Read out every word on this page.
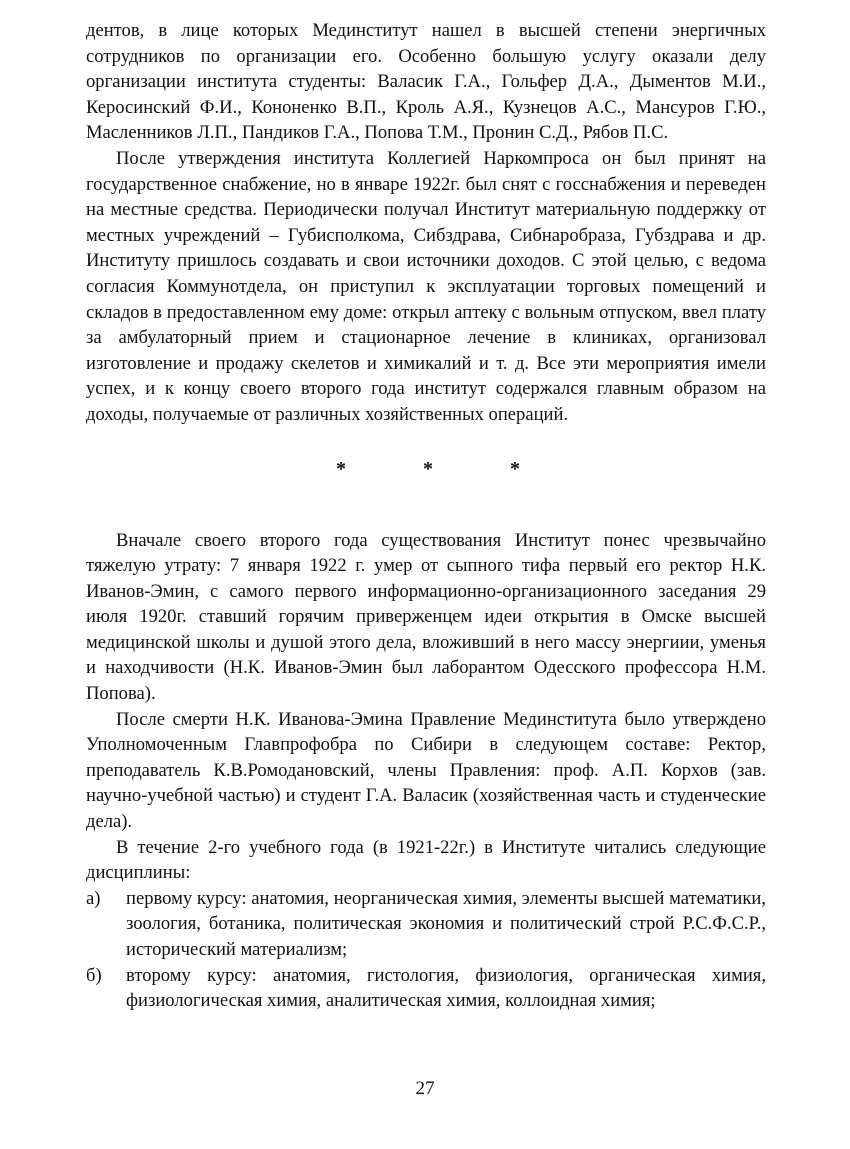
дентов, в лице которых Мединститут нашел в высшей степени энергичных сотрудников по организации его. Особенно большую услугу оказали делу организации института студенты: Валасик Г.А., Гольфер Д.А., Дыментов М.И., Керосинский Ф.И., Кононенко В.П., Кроль А.Я., Кузнецов А.С., Мансуров Г.Ю., Масленников Л.П., Пандиков Г.А., Попова Т.М., Пронин С.Д., Рябов П.С.

После утверждения института Коллегией Наркомпроса он был принят на государственное снабжение, но в январе 1922г. был снят с госснабжения и переведен на местные средства. Периодически получал Институт материальную поддержку от местных учреждений – Губисполкома, Сибздрава, Сибнаробраза, Губздрава и др. Институту пришлось создавать и свои источники доходов. С этой целью, с ведома согласия Коммунотдела, он приступил к эксплуатации торговых помещений и складов в предоставленном ему доме: открыл аптеку с вольным отпуском, ввел плату за амбулаторный прием и стационарное лечение в клиниках, организовал изготовление и продажу скелетов и химикалий и т. д. Все эти мероприятия имели успех, и к концу своего второго года институт содержался главным образом на доходы, получаемые от различных хозяйственных операций.

* * *

Вначале своего второго года существования Институт понес чрезвычайно тяжелую утрату: 7 января 1922 г. умер от сыпного тифа первый его ректор Н.К. Иванов-Эмин, с самого первого информационно-организационного заседания 29 июля 1920г. ставший горячим приверженцем идеи открытия в Омске высшей медицинской школы и душой этого дела, вложивший в него массу энергиии, уменья и находчивости (Н.К. Иванов-Эмин был лаборантом Одесского профессора Н.М. Попова).

После смерти Н.К. Иванова-Эмина Правление Мединститута было утверждено Уполномоченным Главпрофобра по Сибири в следующем составе: Ректор, преподаватель К.В.Ромодановский, члены Правления: проф. А.П. Корхов (зав. научно-учебной частью) и студент Г.А. Валасик (хозяйственная часть и студенческие дела).

В течение 2-го учебного года (в 1921-22г.) в Институте читались следующие дисциплины:

а)	первому курсу: анатомия, неорганическая химия, элементы высшей математики, зоология, ботаника, политическая экономия и политический строй Р.С.Ф.С.Р., исторический материализм;
б)	второму курсу: анатомия, гистология, физиология, органическая химия, физиологическая химия, аналитическая химия, коллоидная химия;
27
